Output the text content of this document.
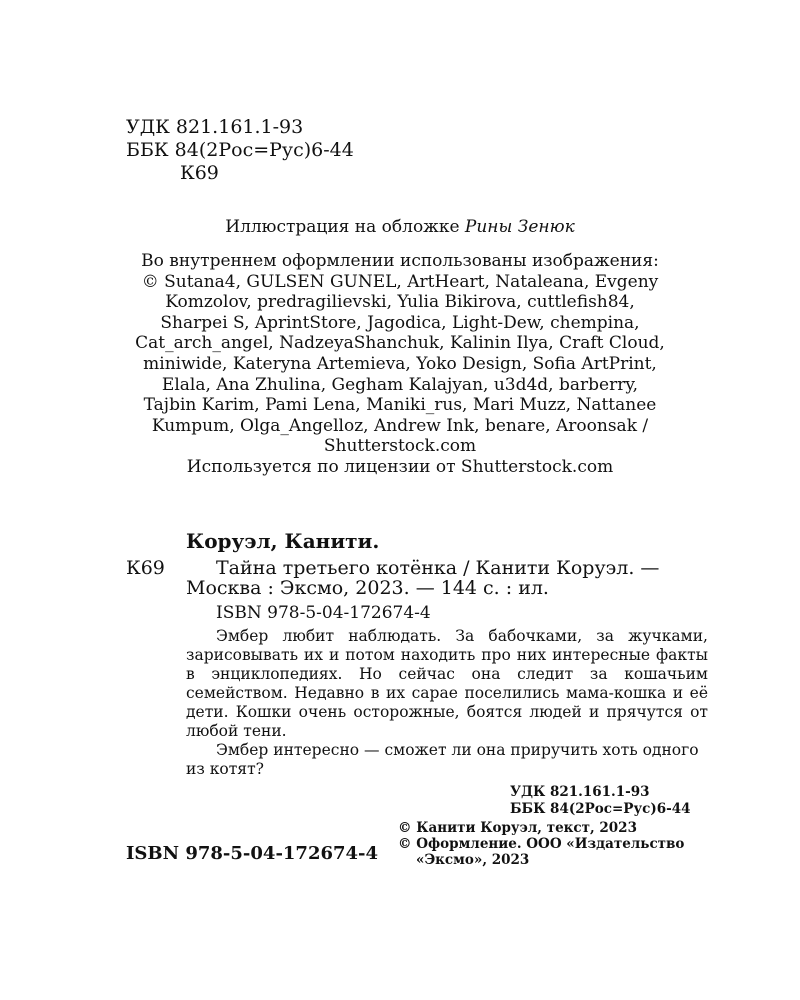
УДК 821.161.1-93
ББК 84(2Рос=Рус)6-44
К69
Иллюстрация на обложке Рины Зенюк
Во внутреннем оформлении использованы изображения:
© Sutana4, GULSEN GUNEL, ArtHeart, Nataleana, Evgeny
Komzolov, predragilievski, Yulia Bikirova, cuttlefish84,
Sharpei S, AprintStore, Jagodica, Light-Dew, chempina,
Cat_arch_angel, NadzeyaShanchuk, Kalinin Ilya, Craft Cloud,
miniwide, Kateryna Artemieva, Yoko Design, Sofia ArtPrint,
Elala, Ana Zhulina, Gegham Kalajyan, u3d4d, barberry,
Tajbin Karim, Pami Lena, Maniki_rus, Mari Muzz, Nattanee
Kumpum, Olga_Angelloz, Andrew Ink, benare, Aroonsak /
Shutterstock.com
Используется по лицензии от Shutterstock.com
Коруэл, Канити.
К69	Тайна третьего котёнка / Канити Коруэл. —
Москва : Эксмо, 2023. — 144 с. : ил.
ISBN 978-5-04-172674-4

Эмбер любит наблюдать. За бабочками, за жучками, зарисовывать их и потом находить про них интересные факты в энциклопедиях. Но сейчас она следит за кошачьим семейством. Недавно в их сарае поселились мама-кошка и её дети. Кошки очень осторожные, боятся людей и прячутся от любой тени.

Эмбер интересно — сможет ли она приручить хоть одного из котят?

УДК 821.161.1-93
ББК 84(2Рос=Рус)6-44
ISBN 978-5-04-172674-4
© Канити Коруэл, текст, 2023
© Оформление. ООО «Издательство
«Эксмо», 2023
